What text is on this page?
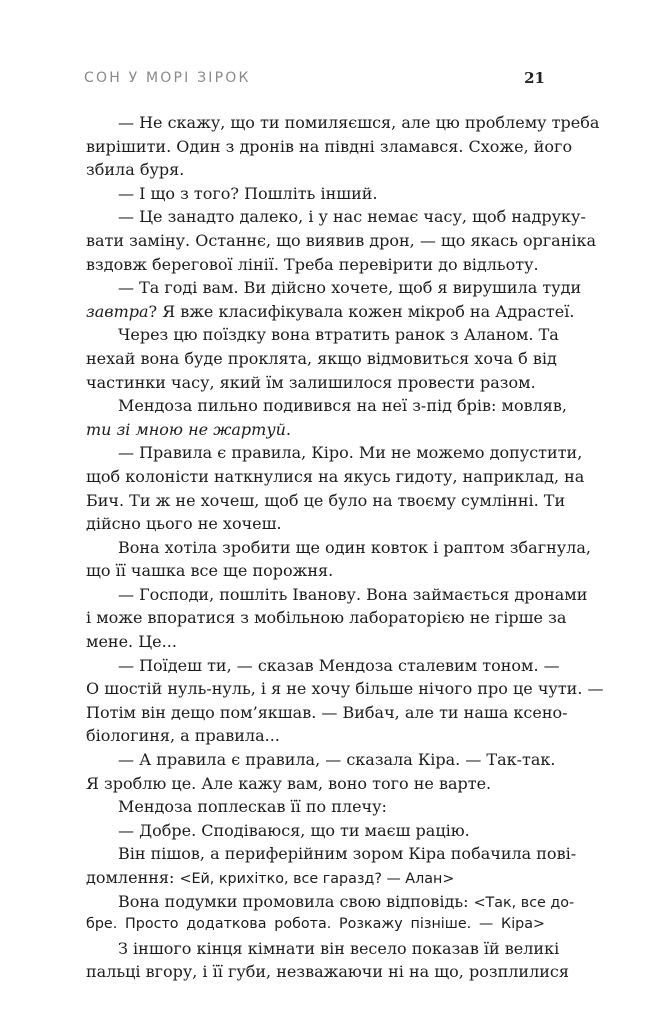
СОН У МОРІ ЗІРОК	21
— Не скажу, що ти помиляєшся, але цю проблему треба
вирішити. Один з дронів на півдні зламався. Схоже, його
збила буря.
— І що з того? Пошліть інший.
— Це занадто далеко, і у нас немає часу, щоб надруку-
вати заміну. Останнє, що виявив дрон, — що якась органіка
вздовж берегової лінії. Треба перевірити до відльоту.
— Та годі вам. Ви дійсно хочете, щоб я вирушила туди
завтра? Я вже класифікувала кожен мікроб на Адрастеї.
Через цю поїздку вона втратить ранок з Аланом. Та
нехай вона буде проклята, якщо відмовиться хоча б від
частинки часу, який їм залишилося провести разом.
Мендоза пильно подивився на неї з-під брів: мовляв,
ти зі мною не жартуй.
— Правила є правила, Кіро. Ми не можемо допустити,
щоб колоністи наткнулися на якусь гидоту, наприклад, на
Бич. Ти ж не хочеш, щоб це було на твоєму сумлінні. Ти
дійсно цього не хочеш.
Вона хотіла зробити ще один ковток і раптом збагнула,
що її чашка все ще порожня.
— Господи, пошліть Іванову. Вона займається дронами
і може впоратися з мобільною лабораторією не гірше за
мене. Це...
— Поїдеш ти, — сказав Мендоза сталевим тоном. —
О шостій нуль-нуль, і я не хочу більше нічого про це чути. —
Потім він дещо пом’якшав. — Вибач, але ти наша ксено-
біологиня, а правила...
— А правила є правила, — сказала Кіра. — Так-так.
Я зроблю це. Але кажу вам, воно того не варте.
Мендоза поплескав її по плечу:
— Добре. Сподіваюся, що ти маєш рацію.
Він пішов, а периферійним зором Кіра побачила пові-
домлення: <Ей, крихітко, все гаразд? — Алан>
Вона подумки промовила свою відповідь: <Так, все до-
бре. Просто додаткова робота. Розкажу пізніше. — Кіра>
З іншого кінця кімнати він весело показав їй великі
пальці вгору, і її губи, незважаючи ні на що, розплилися
